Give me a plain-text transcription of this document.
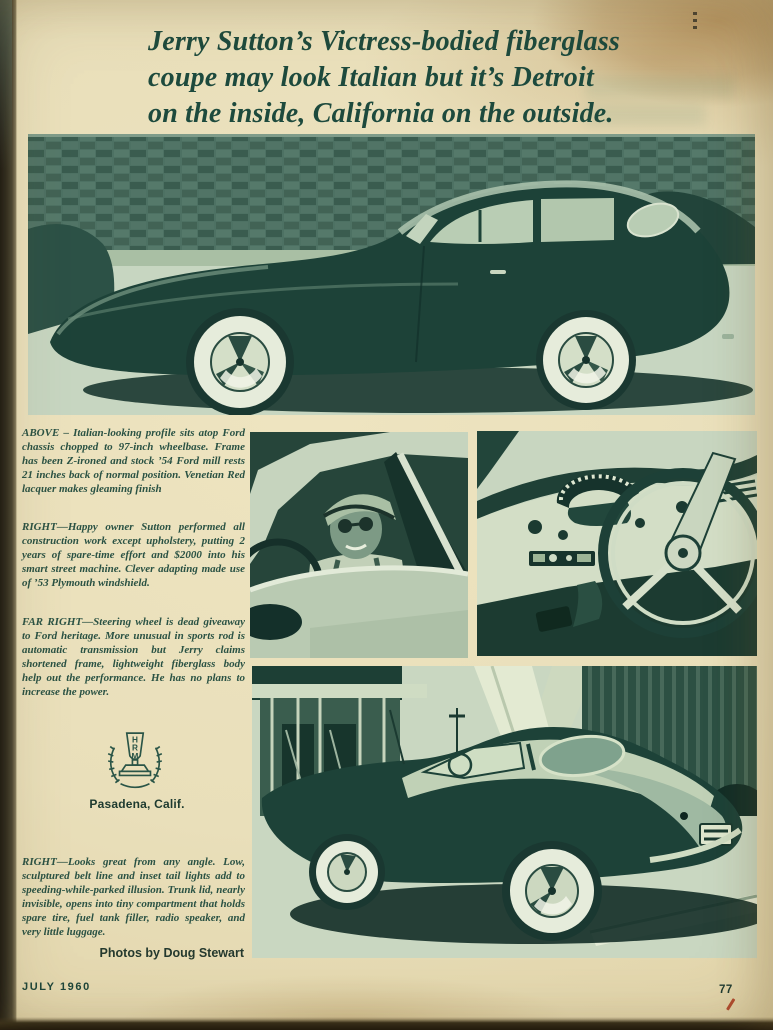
Jerry Sutton’s Victress-bodied fiberglass
coupe may look Italian but it’s Detroit
on the inside, California on the outside.

ABOVE – Italian-looking profile sits atop Ford chassis chopped to 97-inch wheelbase. Frame has been Z-ironed and stock ’54 Ford mill rests 21 inches back of normal position. Venetian Red lacquer makes gleaming finish

RIGHT—Happy owner Sutton performed all construction work except upholstery, putting 2 years of spare-time effort and $2000 into his smart street machine. Clever adapting made use of ’53 Plymouth windshield.

FAR RIGHT—Steering wheel is dead giveaway to Ford heritage. More unusual in sports rod is automatic transmission but Jerry claims shortened frame, lightweight fiberglass body help out the performance. He has no plans to increase the power.

H
R
M
Pasadena, Calif.

RIGHT—Looks great from any angle. Low, sculptured belt line and inset tail lights add to speeding-while-parked illusion. Trunk lid, nearly invisible, opens into tiny compartment that holds spare tire, fuel tank filler, radio speaker, and very little luggage.

Photos by Doug Stewart
JULY 1960	77
